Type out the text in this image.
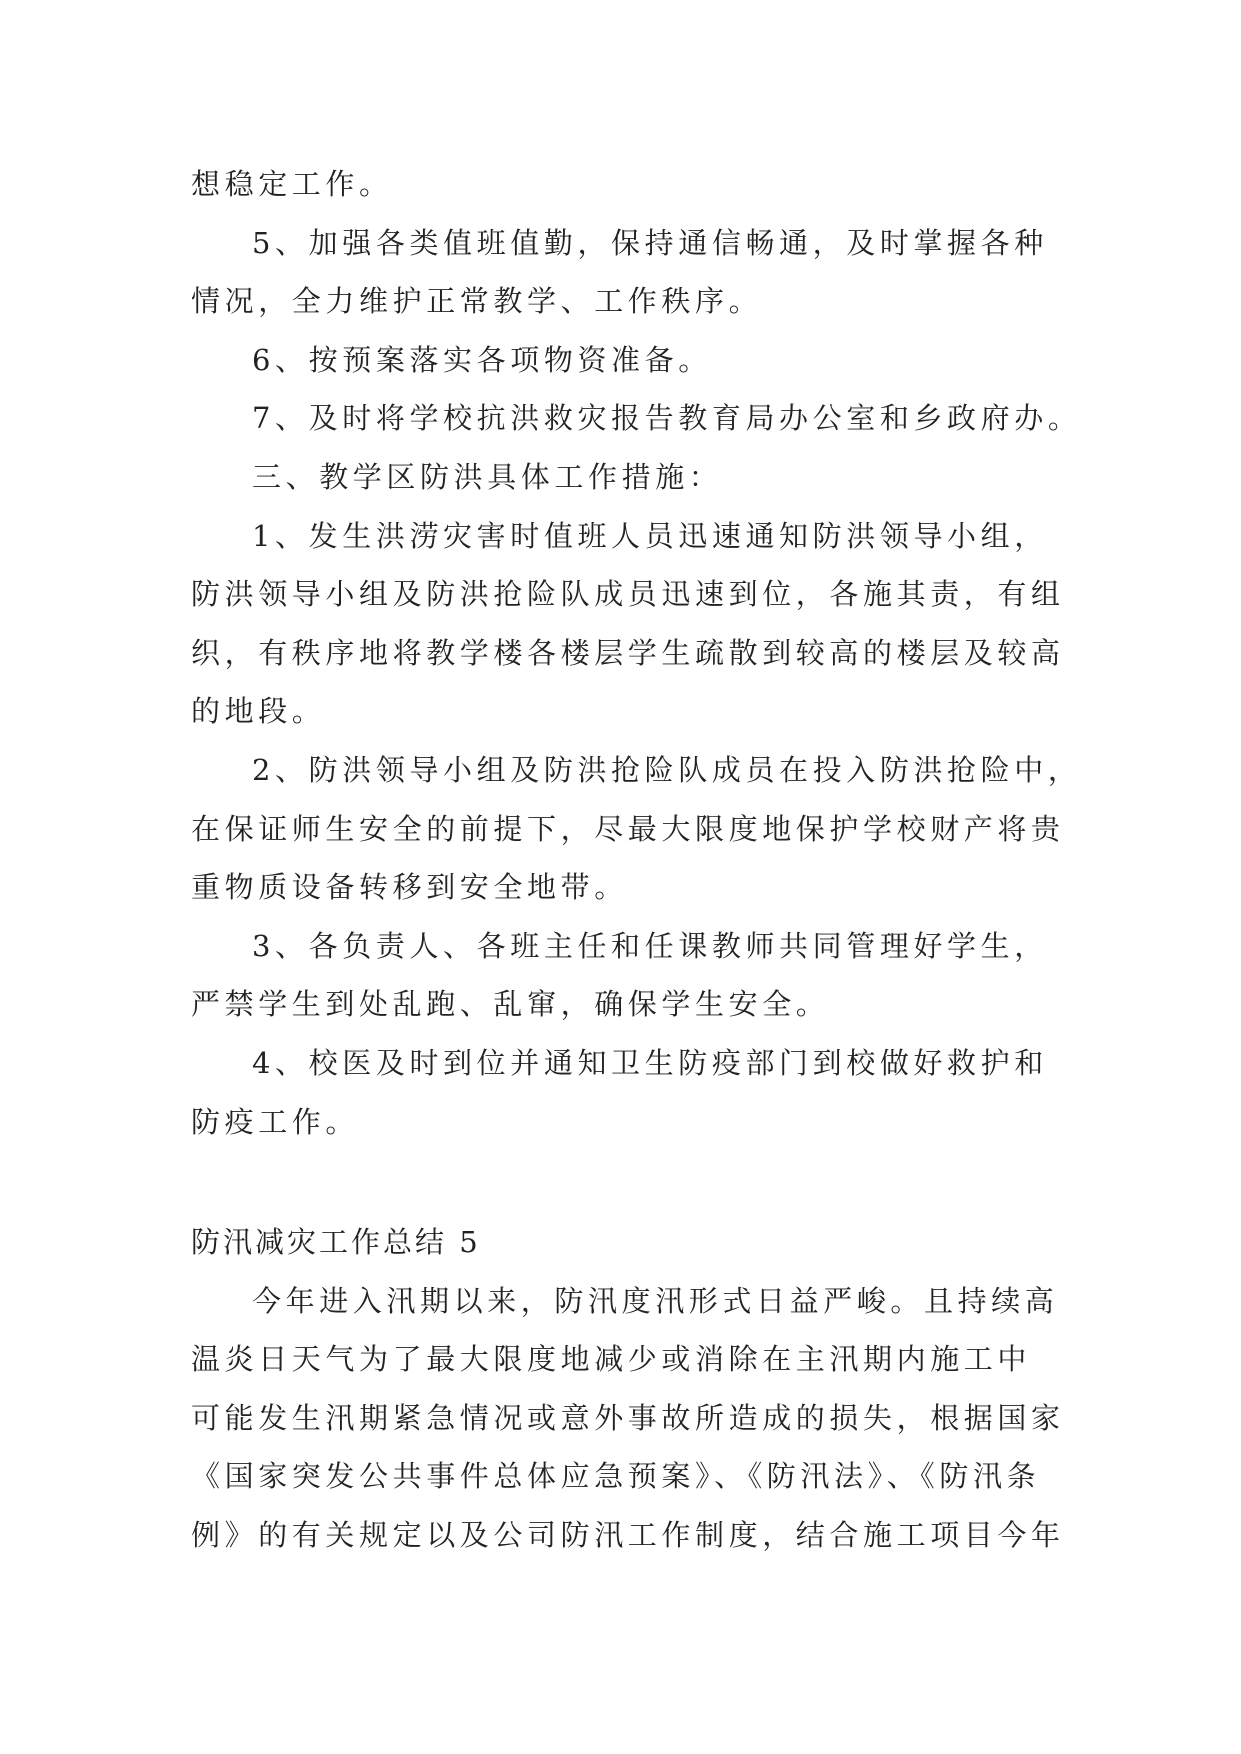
想稳定工作。
5、加强各类值班值勤，保持通信畅通，及时掌握各种
情况，全力维护正常教学、工作秩序。
6、按预案落实各项物资准备。
7、及时将学校抗洪救灾报告教育局办公室和乡政府办。
三、教学区防洪具体工作措施：
1、发生洪涝灾害时值班人员迅速通知防洪领导小组，
防洪领导小组及防洪抢险队成员迅速到位，各施其责，有组
织，有秩序地将教学楼各楼层学生疏散到较高的楼层及较高
的地段。
2、防洪领导小组及防洪抢险队成员在投入防洪抢险中，
在保证师生安全的前提下，尽最大限度地保护学校财产将贵
重物质设备转移到安全地带。
3、各负责人、各班主任和任课教师共同管理好学生，
严禁学生到处乱跑、乱窜，确保学生安全。
4、校医及时到位并通知卫生防疫部门到校做好救护和
防疫工作。
防汛减灾工作总结 5
今年进入汛期以来，防汛度汛形式日益严峻。且持续高
温炎日天气为了最大限度地减少或消除在主汛期内施工中
可能发生汛期紧急情况或意外事故所造成的损失，根据国家
《国家突发公共事件总体应急预案》、《防汛法》、《防汛条
例》的有关规定以及公司防汛工作制度，结合施工项目今年
